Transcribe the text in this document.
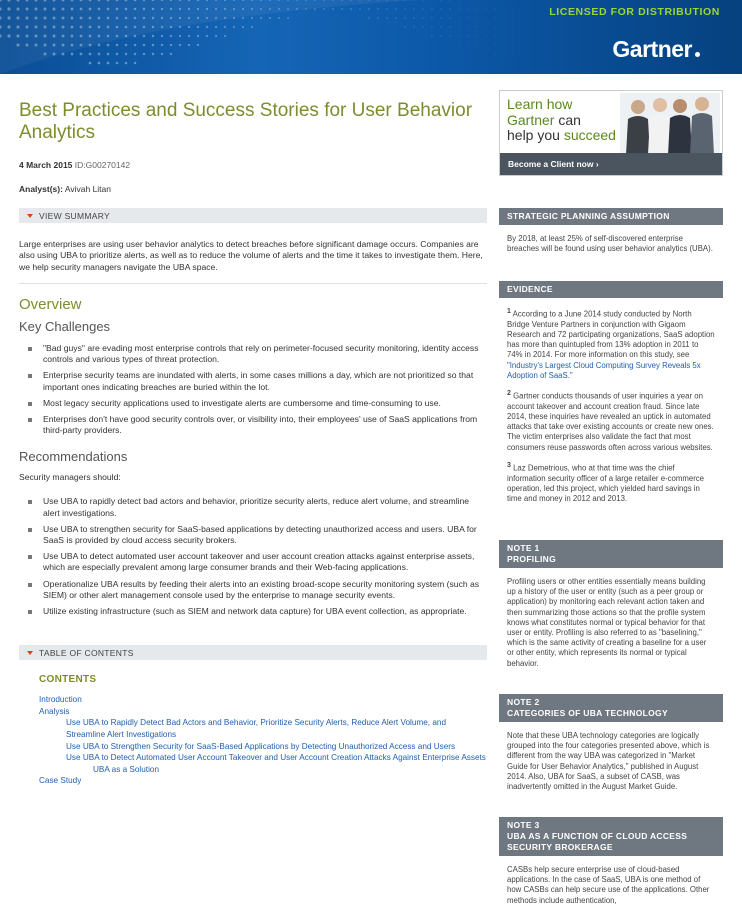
LICENSED FOR DISTRIBUTION
Gartner
Best Practices and Success Stories for User Behavior Analytics
4 March 2015 ID:G00270142
Analyst(s): Avivah Litan
VIEW SUMMARY

Large enterprises are using user behavior analytics to detect breaches before significant damage occurs. Companies are also using UBA to prioritize alerts, as well as to reduce the volume of alerts and the time it takes to investigate them. Here, we help security managers navigate the UBA space.

Overview
Key Challenges
"Bad guys" are evading most enterprise controls that rely on perimeter-focused security monitoring, identity access controls and various types of threat protection.
Enterprise security teams are inundated with alerts, in some cases millions a day, which are not prioritized so that important ones indicating breaches are buried within the lot.
Most legacy security applications used to investigate alerts are cumbersome and time-consuming to use.
Enterprises don't have good security controls over, or visibility into, their employees' use of SaaS applications from third-party providers.
Recommendations

Security managers should:

Use UBA to rapidly detect bad actors and behavior, prioritize security alerts, reduce alert volume, and streamline alert investigations.
Use UBA to strengthen security for SaaS-based applications by detecting unauthorized access and users. UBA for SaaS is provided by cloud access security brokers.
Use UBA to detect automated user account takeover and user account creation attacks against enterprise assets, which are especially prevalent among large consumer brands and their Web-facing applications.
Operationalize UBA results by feeding their alerts into an existing broad-scope security monitoring system (such as SIEM) or other alert management console used by the enterprise to manage security events.
Utilize existing infrastructure (such as SIEM and network data capture) for UBA event collection, as appropriate.
TABLE OF CONTENTS
CONTENTS
Introduction
Analysis
Use UBA to Rapidly Detect Bad Actors and Behavior, Prioritize Security Alerts, Reduce Alert Volume, and Streamline Alert Investigations
Use UBA to Strengthen Security for SaaS-Based Applications by Detecting Unauthorized Access and Users
Use UBA to Detect Automated User Account Takeover and User Account Creation Attacks Against Enterprise Assets
UBA as a Solution
Case Study
Learn how
Gartner can
help you succeed
Become a Client now ›
STRATEGIC PLANNING ASSUMPTION

By 2018, at least 25% of self-discovered enterprise breaches will be found using user behavior analytics (UBA).

EVIDENCE

$^1$ According to a June 2014 study conducted by North Bridge Venture Partners in conjunction with Gigaom Research and 72 participating organizations, SaaS adoption has more than quintupled from 13% adoption in 2011 to 74% in 2014. For more information on this study, see "Industry's Largest Cloud Computing Survey Reveals 5x Adoption of SaaS."

$^2$ Gartner conducts thousands of user inquiries a year on account takeover and account creation fraud. Since late 2014, these inquiries have revealed an uptick in automated attacks that take over existing accounts or create new ones. The victim enterprises also validate the fact that most consumers reuse passwords often across various websites.

$^3$ Laz Demetrious, who at that time was the chief information security officer of a large retailer e-commerce operation, led this project, which yielded hard savings in time and money in 2012 and 2013.

NOTE 1
PROFILING

Profiling users or other entities essentially means building up a history of the user or entity (such as a peer group or application) by monitoring each relevant action taken and then summarizing those actions so that the profile system knows what constitutes normal or typical behavior for that user or entity. Profiling is also referred to as "baselining," which is the same activity of creating a baseline for a user or other entity, which represents its normal or typical behavior.

NOTE 2
CATEGORIES OF UBA TECHNOLOGY

Note that these UBA technology categories are logically grouped into the four categories presented above, which is different from the way UBA was categorized in "Market Guide for User Behavior Analytics," published in August 2014. Also, UBA for SaaS, a subset of CASB, was inadvertently omitted in the August Market Guide.

NOTE 3
UBA AS A FUNCTION OF CLOUD ACCESS SECURITY BROKERAGE

CASBs help secure enterprise use of cloud-based applications. In the case of SaaS, UBA is one method of how CASBs can help secure use of the applications. Other methods include authentication,
